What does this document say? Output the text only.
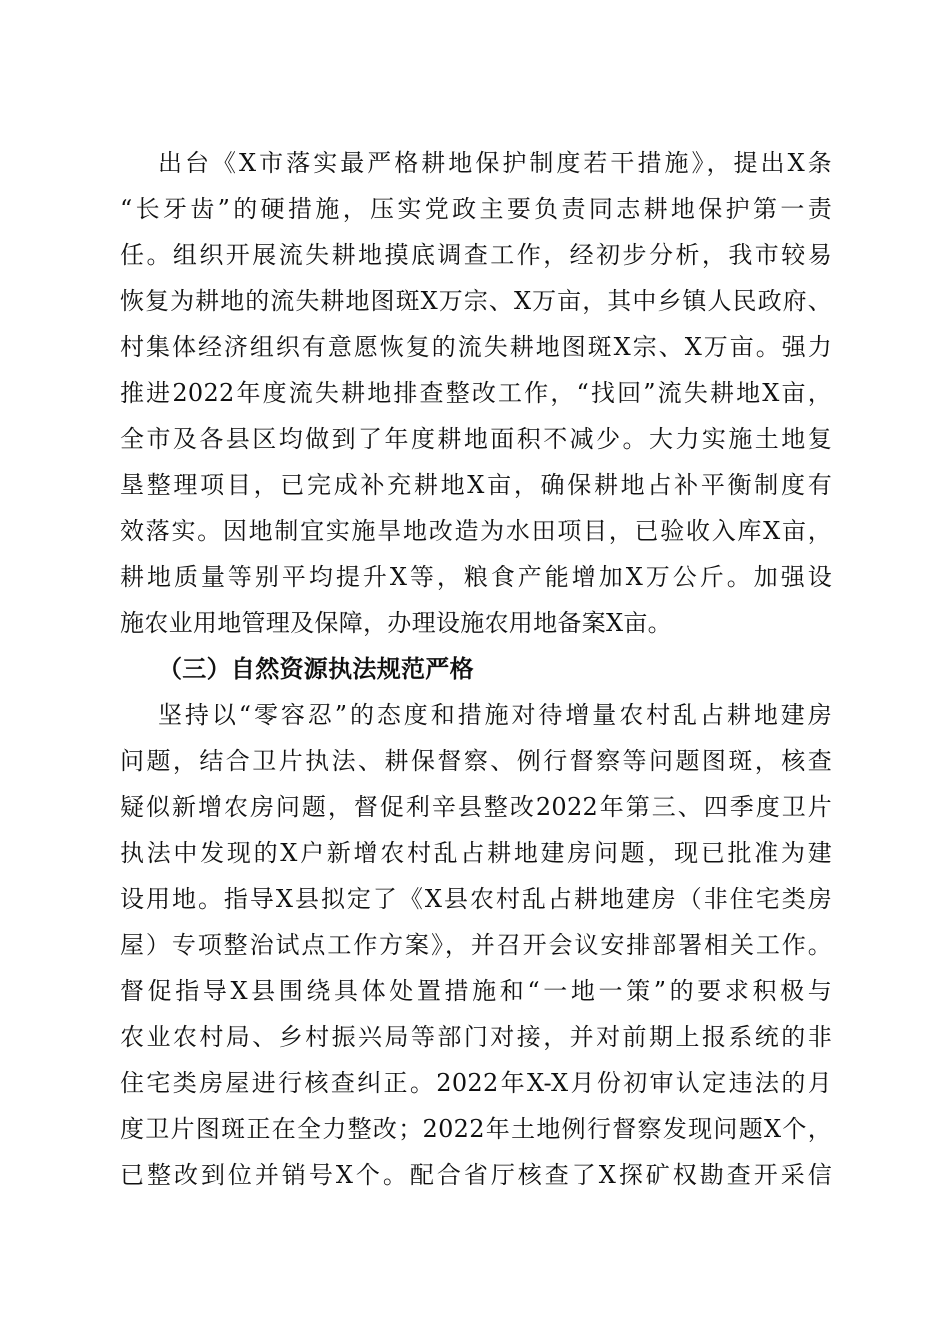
出台《X市落实最严格耕地保护制度若干措施》，提出X条
“长牙齿”的硬措施，压实党政主要负责同志耕地保护第一责
任。组织开展流失耕地摸底调查工作，经初步分析，我市较易
恢复为耕地的流失耕地图斑X万宗、X万亩，其中乡镇人民政府、
村集体经济组织有意愿恢复的流失耕地图斑X宗、X万亩。强力
推进2022年度流失耕地排查整改工作，“找回”流失耕地X亩，
全市及各县区均做到了年度耕地面积不减少。大力实施土地复
垦整理项目，已完成补充耕地X亩，确保耕地占补平衡制度有
效落实。因地制宜实施旱地改造为水田项目，已验收入库X亩，
耕地质量等别平均提升X等，粮食产能增加X万公斤。加强设
施农业用地管理及保障，办理设施农用地备案X亩。
（三）自然资源执法规范严格
坚持以“零容忍”的态度和措施对待增量农村乱占耕地建房
问题，结合卫片执法、耕保督察、例行督察等问题图斑，核查
疑似新增农房问题，督促利辛县整改2022年第三、四季度卫片
执法中发现的X户新增农村乱占耕地建房问题，现已批准为建
设用地。指导X县拟定了《X县农村乱占耕地建房（非住宅类房
屋）专项整治试点工作方案》，并召开会议安排部署相关工作。
督促指导X县围绕具体处置措施和“一地一策”的要求积极与
农业农村局、乡村振兴局等部门对接，并对前期上报系统的非
住宅类房屋进行核查纠正。2022年X-X月份初审认定违法的月
度卫片图斑正在全力整改；2022年土地例行督察发现问题X个，
已整改到位并销号X个。配合省厅核查了X探矿权勘查开采信
